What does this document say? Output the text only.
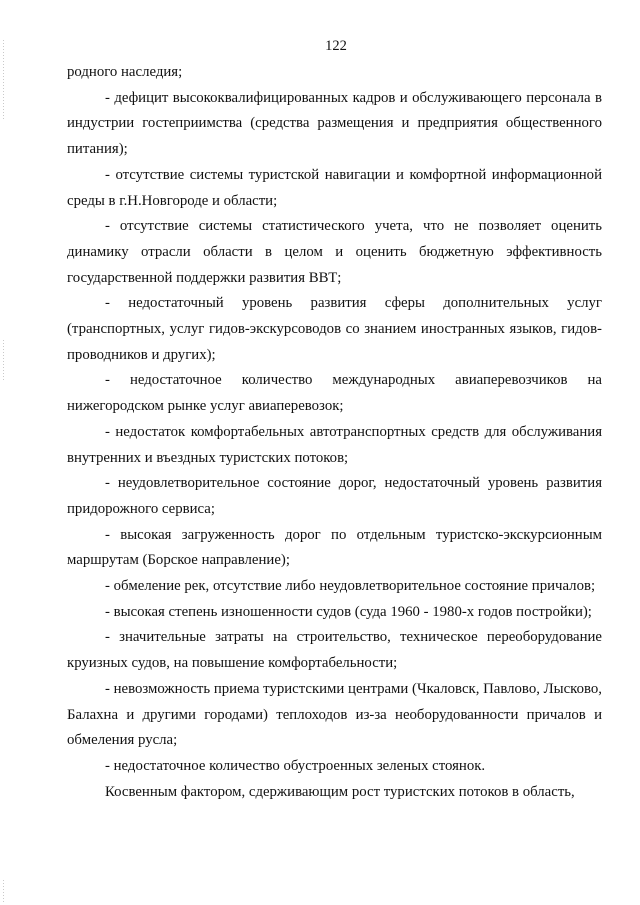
122

родного наследия;

- дефицит высококвалифицированных кадров и обслуживающего персонала в индустрии гостеприимства (средства размещения и предприятия общественного питания);

- отсутствие системы туристской навигации и комфортной информационной среды в г.Н.Новгороде и области;

- отсутствие системы статистического учета, что не позволяет оценить динамику отрасли области в целом и оценить бюджетную эффективность государственной поддержки развития ВВТ;

- недостаточный уровень развития сферы дополнительных услуг (транспортных, услуг гидов-экскурсоводов со знанием иностранных языков, гидов-проводников и других);

- недостаточное количество международных авиаперевозчиков на нижегородском рынке услуг авиаперевозок;

- недостаток комфортабельных автотранспортных средств для обслуживания внутренних и въездных туристских потоков;

- неудовлетворительное состояние дорог, недостаточный уровень развития придорожного сервиса;

- высокая загруженность дорог по отдельным туристско-экскурсионным маршрутам (Борское направление);

- обмеление рек, отсутствие либо неудовлетворительное состояние причалов;

- высокая степень изношенности судов (суда 1960 - 1980-х годов постройки);

- значительные затраты на строительство, техническое переоборудование круизных судов, на повышение комфортабельности;

- невозможность приема туристскими центрами (Чкаловск, Павлово, Лысково, Балахна и другими городами) теплоходов из-за необорудованности причалов и обмеления русла;

- недостаточное количество обустроенных зеленых стоянок.

Косвенным фактором, сдерживающим рост туристских потоков в область,
